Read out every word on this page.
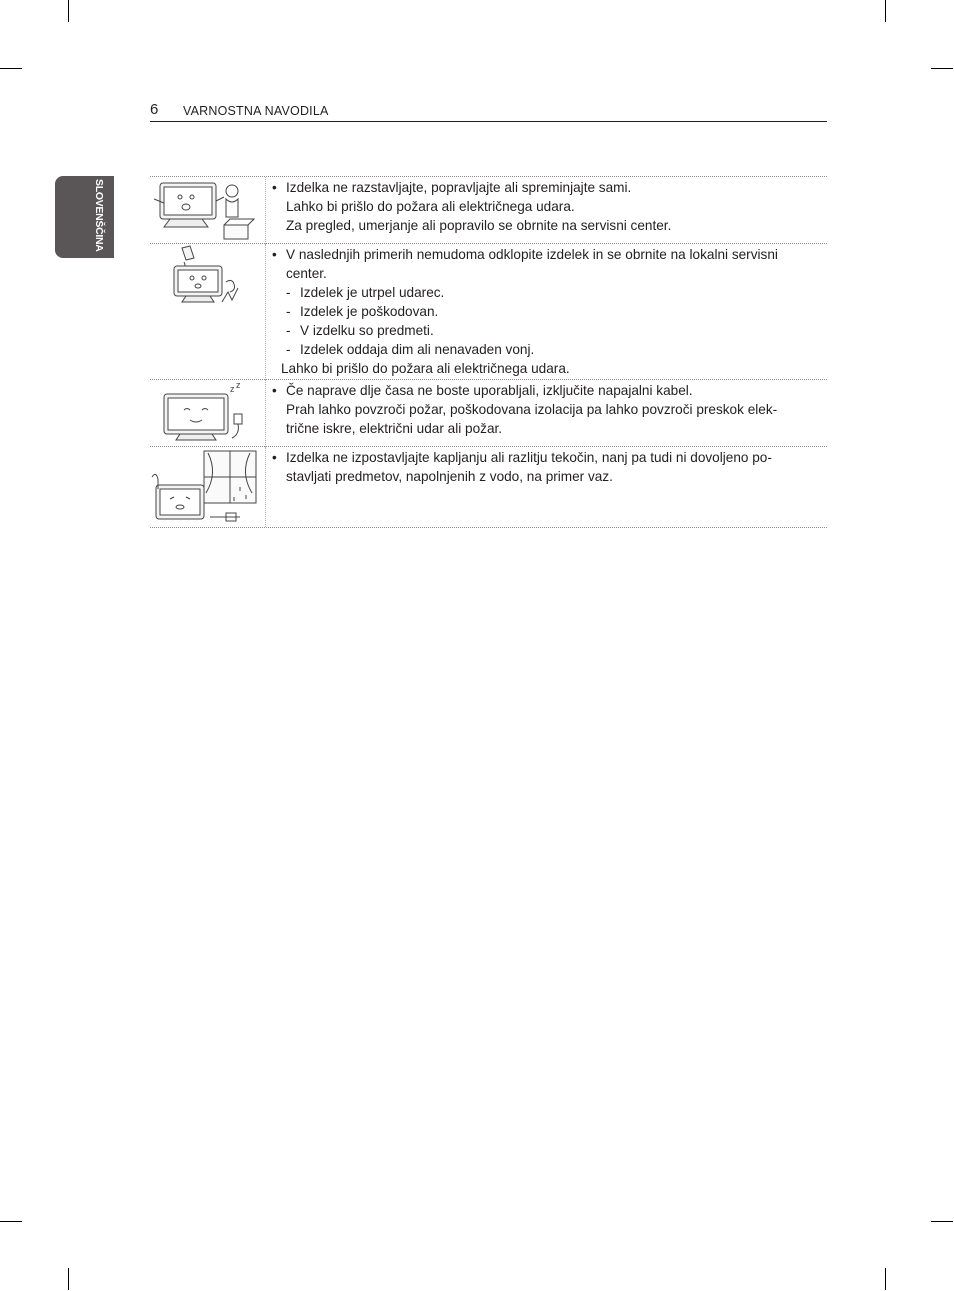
6 VARNOSTNA NAVODILA
SLOVENŠČINA	• Izdelka ne razstavljajte, popravljajte ali spreminjajte sami.
Lahko bi prišlo do požara ali električnega udara.
Za pregled, umerjanje ali popravilo se obrnite na servisni center.
• V naslednjih primerih nemudoma odklopite izdelek in se obrnite na lokalni servisni
center.
- Izdelek je utrpel udarec.
- Izdelek je poškodovan.
- V izdelku so predmeti.
- Izdelek oddaja dim ali nenavaden vonj.
Lahko bi prišlo do požara ali električnega udara.
z z	• Če naprave dlje časa ne boste uporabljali, izključite napajalni kabel.
Prah lahko povzroči požar, poškodovana izolacija pa lahko povzroči preskok elek-
trične iskre, električni udar ali požar.
• Izdelka ne izpostavljajte kapljanju ali razlitju tekočin, nanj pa tudi ni dovoljeno po-
stavljati predmetov, napolnjenih z vodo, na primer vaz.
